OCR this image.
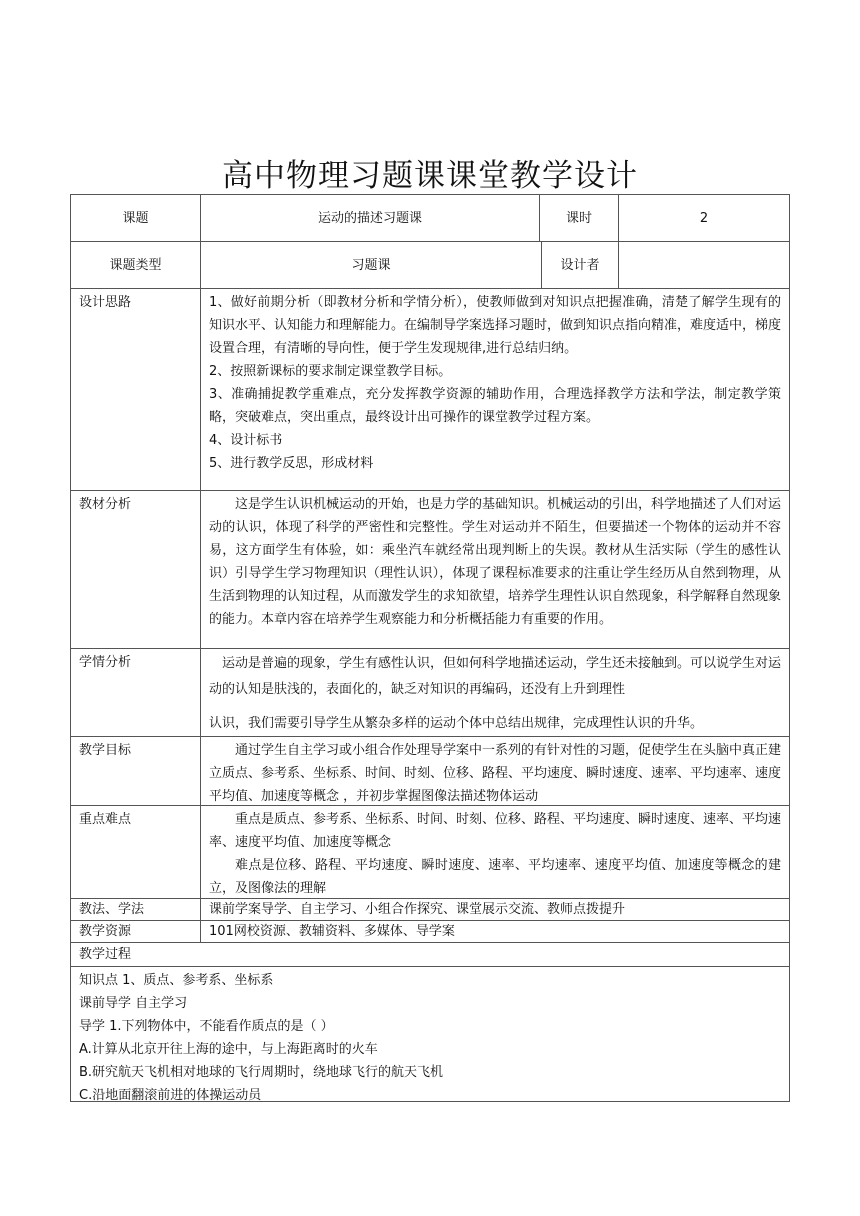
高中物理习题课课堂教学设计
课题	运动的描述习题课	课时	2
课题类型	习题课	设计者
设计思路	1、做好前期分析（即教材分析和学情分析），使教师做到对知识点把握准确，清楚了解学生现有的知识水平、认知能力和理解能力。在编制导学案选择习题时，做到知识点指向精准，难度适中，梯度设置合理，有清晰的导向性，便于学生发现规律,进行总结归纳。

2、按照新课标的要求制定课堂教学目标。

3、准确捕捉教学重难点，充分发挥教学资源的辅助作用，合理选择教学方法和学法，制定教学策略，突破难点，突出重点，最终设计出可操作的课堂教学过程方案。

4、设计标书

5、进行教学反思，形成材料

教材分析	这是学生认识机械运动的开始，也是力学的基础知识。机械运动的引出，科学地描述了人们对运动的认识，体现了科学的严密性和完整性。学生对运动并不陌生，但要描述一个物体的运动并不容易，这方面学生有体验，如：乘坐汽车就经常出现判断上的失误。教材从生活实际（学生的感性认识）引导学生学习物理知识（理性认识），体现了课程标准要求的注重让学生经历从自然到物理，从生活到物理的认知过程，从而激发学生的求知欲望，培养学生理性认识自然现象，科学解释自然现象的能力。本章内容在培养学生观察能力和分析概括能力有重要的作用。

学情分析	运动是普遍的现象，学生有感性认识，但如何科学地描述运动，学生还未接触到。可以说学生对运动的认知是肤浅的，表面化的，缺乏对知识的再编码，还没有上升到理性

认识，我们需要引导学生从繁杂多样的运动个体中总结出规律，完成理性认识的升华。

教学目标	通过学生自主学习或小组合作处理导学案中一系列的有针对性的习题，促使学生在头脑中真正建立质点、参考系、坐标系、时间、时刻、位移、路程、平均速度、瞬时速度、速率、平均速率、速度平均值、加速度等概念 ，并初步掌握图像法描述物体运动

重点难点	重点是质点、参考系、坐标系、时间、时刻、位移、路程、平均速度、瞬时速度、速率、平均速率、速度平均值、加速度等概念

难点是位移、路程、平均速度、瞬时速度、速率、平均速率、速度平均值、加速度等概念的建立，及图像法的理解

教法、学法	课前学案导学、自主学习、小组合作探究、课堂展示交流、教师点拨提升
教学资源	101网校资源、教辅资料、多媒体、导学案
教学过程

知识点 1、质点、参考系、坐标系

课前导学 自主学习

导学 1.下列物体中，不能看作质点的是（ ）

A.计算从北京开往上海的途中，与上海距离时的火车

B.研究航天飞机相对地球的飞行周期时，绕地球飞行的航天飞机

C.沿地面翻滚前进的体操运动员
